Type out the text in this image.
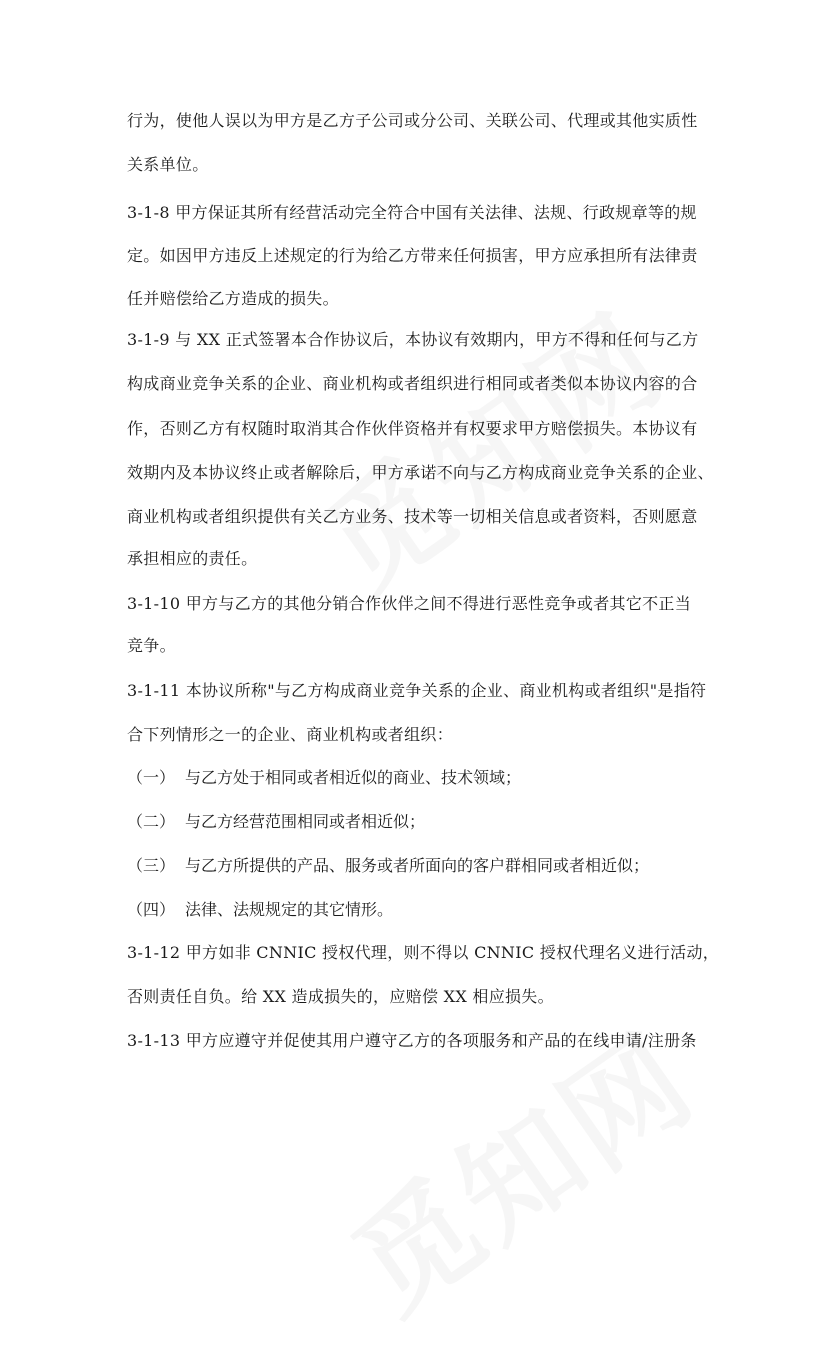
行为，使他人误以为甲方是乙方子公司或分公司、关联公司、代理或其他实质性
关系单位。
3-1-8 甲方保证其所有经营活动完全符合中国有关法律、法规、行政规章等的规
定。如因甲方违反上述规定的行为给乙方带来任何损害，甲方应承担所有法律责
任并赔偿给乙方造成的损失。
3-1-9 与 XX 正式签署本合作协议后，本协议有效期内，甲方不得和任何与乙方
构成商业竞争关系的企业、商业机构或者组织进行相同或者类似本协议内容的合
作，否则乙方有权随时取消其合作伙伴资格并有权要求甲方赔偿损失。本协议有
效期内及本协议终止或者解除后，甲方承诺不向与乙方构成商业竞争关系的企业、
商业机构或者组织提供有关乙方业务、技术等一切相关信息或者资料，否则愿意
承担相应的责任。
3-1-10 甲方与乙方的其他分销合作伙伴之间不得进行恶性竞争或者其它不正当
竞争。
3-1-11 本协议所称"与乙方构成商业竞争关系的企业、商业机构或者组织"是指符
合下列情形之一的企业、商业机构或者组织：
（一） 与乙方处于相同或者相近似的商业、技术领域；
（二） 与乙方经营范围相同或者相近似；
（三） 与乙方所提供的产品、服务或者所面向的客户群相同或者相近似；
（四） 法律、法规规定的其它情形。
3-1-12 甲方如非 CNNIC 授权代理，则不得以 CNNIC 授权代理名义进行活动，
否则责任自负。给 XX 造成损失的，应赔偿 XX 相应损失。
3-1-13 甲方应遵守并促使其用户遵守乙方的各项服务和产品的在线申请/注册条
